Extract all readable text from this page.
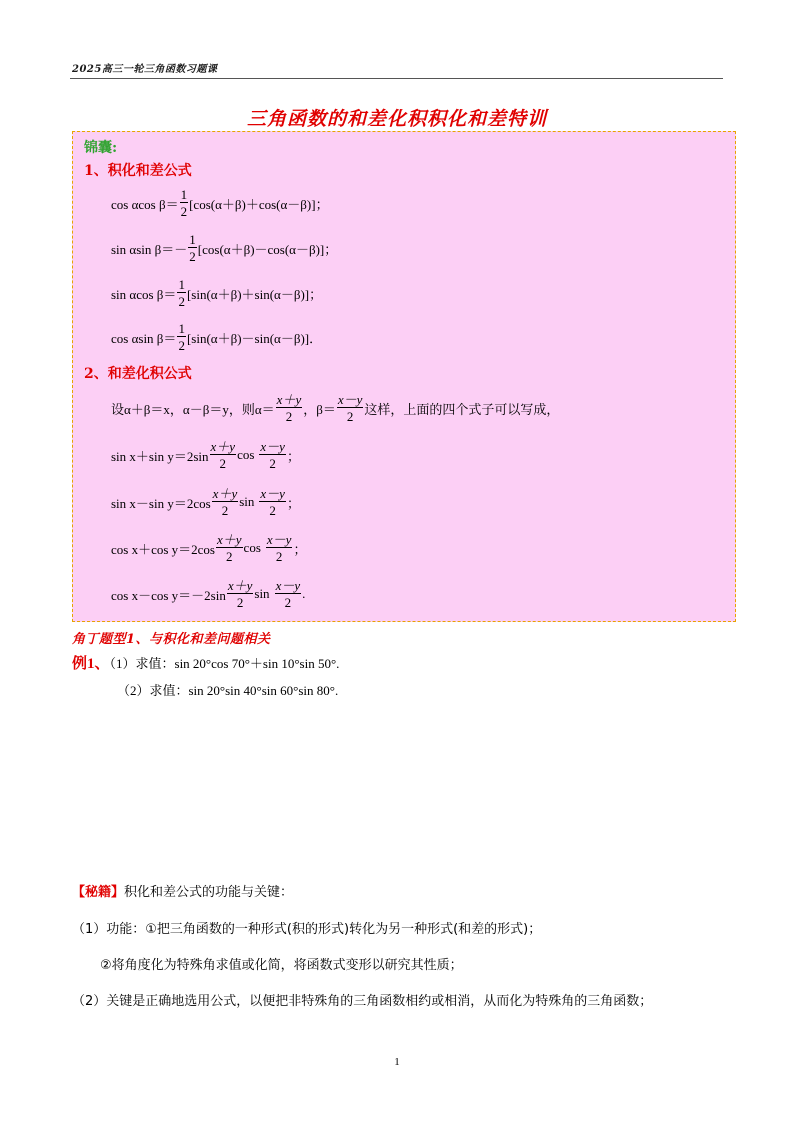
2025高三一轮三角函数习题课
三角函数的和差化积积化和差特训
锦囊:
1、积化和差公式
cos αcos $\beta= \frac{1}{2} [\cos(\alpha+\beta)+\cos(\alpha-\beta)]$；
sin αsin $\beta=- \frac{1}{2} [\cos(\alpha+\beta)-\cos(\alpha-\beta)]$；
sin αcos $\beta= \frac{1}{2} [\sin(\alpha+\beta)+\sin(\alpha-\beta)]$；
cos αsin $\beta= \frac{1}{2} [\sin(\alpha+\beta)-\sin(\alpha-\beta)]$．
2、和差化积公式
设α＋β＝x，α－β＝y，则$\alpha= \frac{x+y}{2}$ ，$\beta= \frac{x-y}{2}$ 这样，上面的四个式子可以写成，
sin x＋sin $y=2\sin \frac{x+y}{2}$ $\cos \frac{x-y}{2}$ ；
sin x－sin $y=2\cos \frac{x+y}{2}$ $\sin \frac{x-y}{2}$ ；
cos x＋cos $y=2\cos \frac{x+y}{2}$ $\cos \frac{x-y}{2}$ ；
cos x－cos $y=-2\sin \frac{x+y}{2}$ $\sin \frac{x-y}{2}$ .
角丁题型1、与积化和差问题相关
例1、（1）求值：sin 20°cos 70°＋sin 10°sin 50°.
（2）求值：sin 20°sin 40°sin 60°sin 80°.
【秘籍】积化和差公式的功能与关键：
（1）功能：①把三角函数的一种形式(积的形式)转化为另一种形式(和差的形式)；
②将角度化为特殊角求值或化简，将函数式变形以研究其性质；
（2）关键是正确地选用公式，以便把非特殊角的三角函数相约或相消，从而化为特殊角的三角函数；
1
